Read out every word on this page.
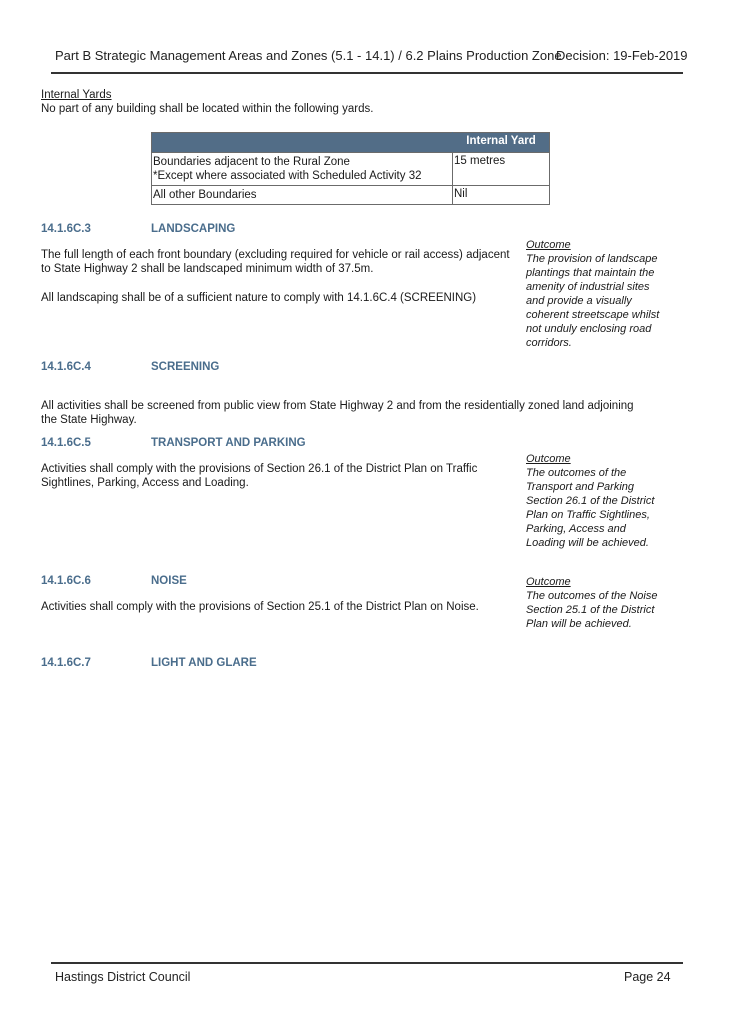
Part B Strategic Management Areas and Zones (5.1 - 14.1) / 6.2 Plains Production Zone
Decision: 19-Feb-2019
Internal Yards
No part of any building shall be located within the following yards.
	Internal Yard

Boundaries adjacent to the Rural Zone
*Except where associated with Scheduled Activity 32	15 metres
All other Boundaries	Nil
14.1.6C.3	LANDSCAPING
The full length of each front boundary (excluding required for vehicle or rail access) adjacent to State Highway 2 shall be landscaped minimum width of 37.5m.
All landscaping shall be of a sufficient nature to comply with 14.1.6C.4 (SCREENING)
Outcome
The provision of landscape plantings that maintain the amenity of industrial sites and provide a visually coherent streetscape whilst not unduly enclosing road corridors.
14.1.6C.4	SCREENING
All activities shall be screened from public view from State Highway 2 and from the residentially zoned land adjoining the State Highway.
14.1.6C.5	TRANSPORT AND PARKING
Activities shall comply with the provisions of Section 26.1 of the District Plan on Traffic Sightlines, Parking, Access and Loading.
Outcome
The outcomes of the Transport and Parking Section 26.1 of the District Plan on Traffic Sightlines, Parking, Access and Loading will be achieved.
14.1.6C.6	NOISE
Activities shall comply with the provisions of Section 25.1 of the District Plan on Noise.
Outcome
The outcomes of the Noise Section 25.1 of the District Plan will be achieved.
14.1.6C.7	LIGHT AND GLARE
Hastings District Council	Page 24
